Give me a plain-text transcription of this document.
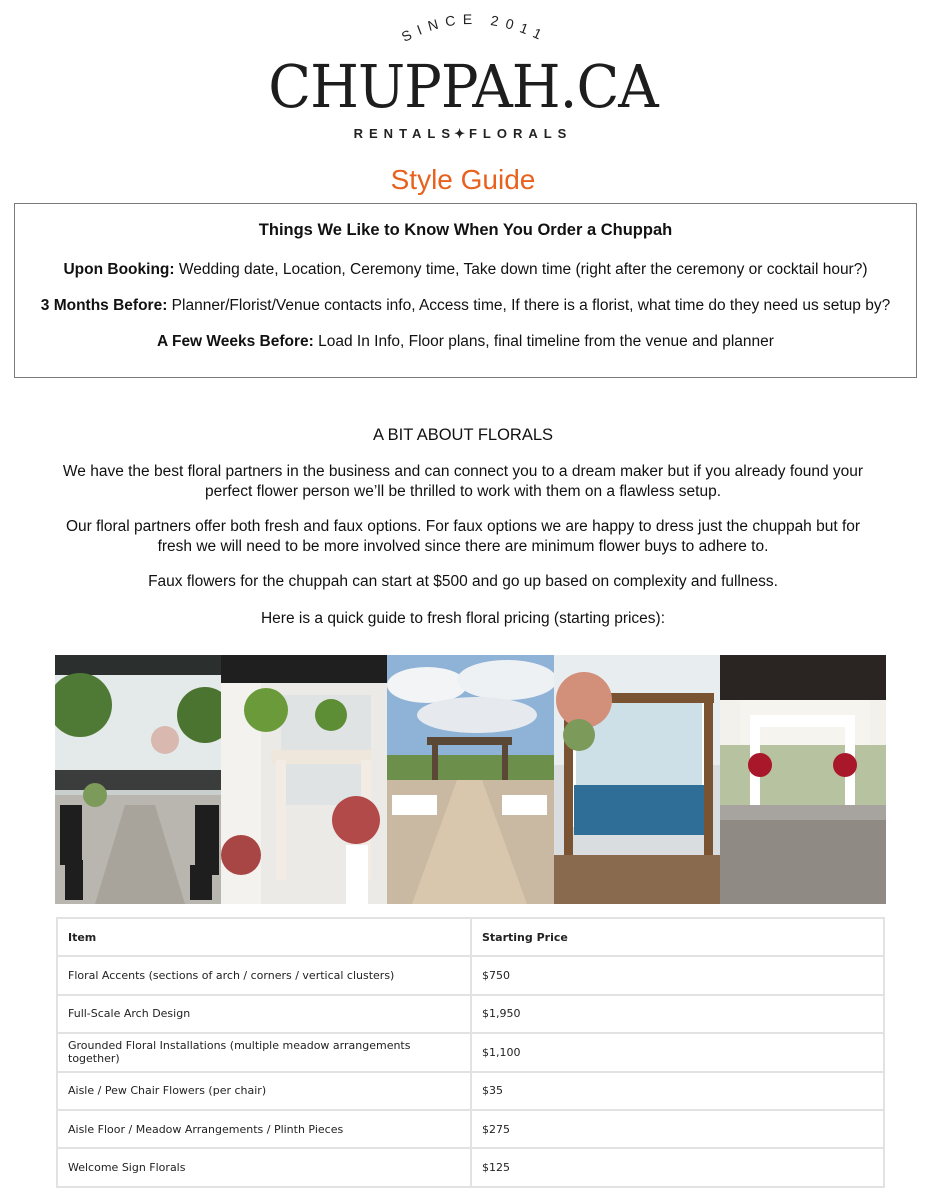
SINCE 2011
CHUPPAH.CA
RENTALS✦ FLORALS
Style Guide
Things We Like to Know When You Order a Chuppah
Upon Booking: Wedding date, Location, Ceremony time, Take down time (right after the ceremony or cocktail hour?)
3 Months Before: Planner/Florist/Venue contacts info, Access time, If there is a florist, what time do they need us setup by?
A Few Weeks Before: Load In Info, Floor plans, final timeline from the venue and planner
A BIT ABOUT FLORALS
We have the best floral partners in the business and can connect you to a dream maker but if you already found your
perfect flower person we’ll be thrilled to work with them on a flawless setup.
Our floral partners offer both fresh and faux options. For faux options we are happy to dress just the chuppah but for
fresh we will need to be more involved since there are minimum flower buys to adhere to.
Faux flowers for the chuppah can start at $500 and go up based on complexity and fullness.
Here is a quick guide to fresh floral pricing (starting prices):
Item	Starting Price
Floral Accents (sections of arch / corners / vertical clusters)	$750
Full-Scale Arch Design	$1,950
Grounded Floral Installations (multiple meadow arrangements together)	$1,100
Aisle / Pew Chair Flowers (per chair)	$35
Aisle Floor / Meadow Arrangements / Plinth Pieces	$275
Welcome Sign Florals	$125
